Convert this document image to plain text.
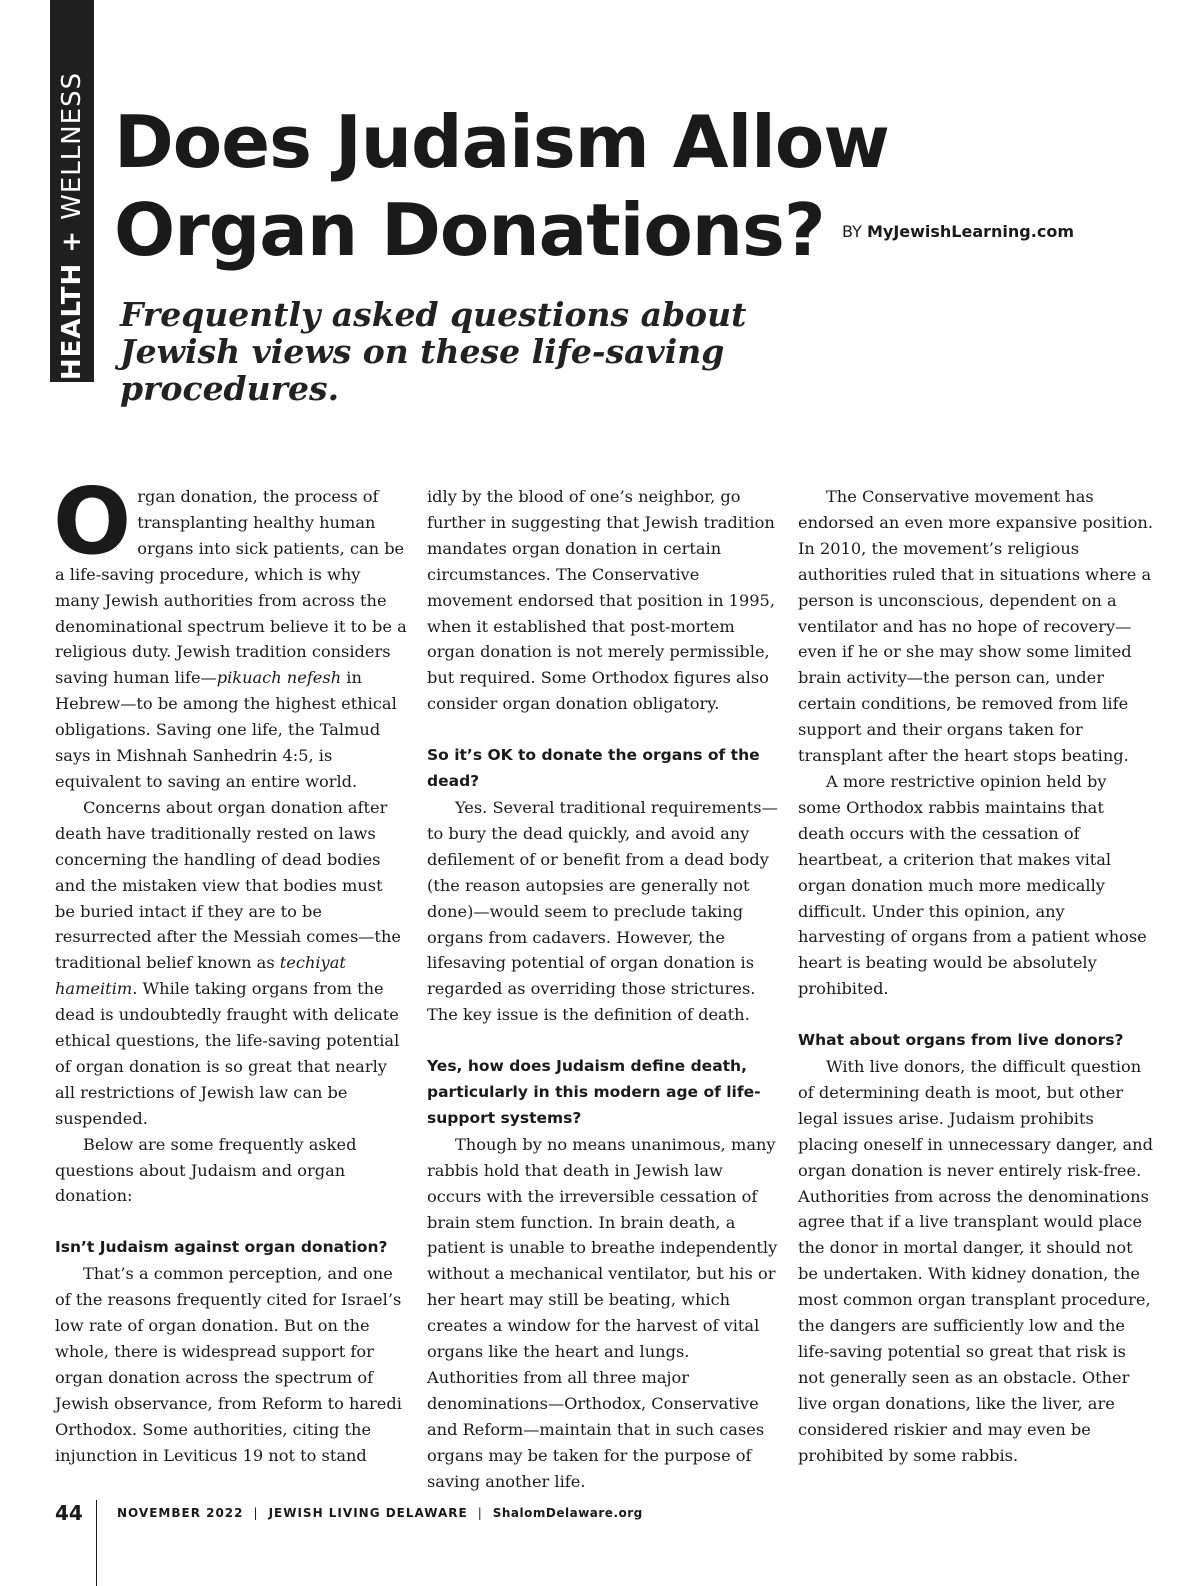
HEALTH + WELLNESS Does Judaism Allow
Organ Donations?	BY MyJewishLearning.com

Frequently asked questions about Jewish views on these life-saving procedures.

Organ donation, the process of transplanting healthy human organs into sick patients, can be a life-saving procedure, which is why many Jewish authorities from across the denominational spectrum believe it to be a religious duty. Jewish tradition considers saving human life—pikuach nefesh in Hebrew—to be among the highest ethical obligations. Saving one life, the Talmud says in Mishnah Sanhedrin 4:5, is equivalent to saving an entire world.

Concerns about organ donation after death have traditionally rested on laws concerning the handling of dead bodies and the mistaken view that bodies must be buried intact if they are to be resurrected after the Messiah comes—the traditional belief known as techiyat hameitim. While taking organs from the dead is undoubtedly fraught with delicate ethical questions, the life-saving potential of organ donation is so great that nearly all restrictions of Jewish law can be suspended.

Below are some frequently asked questions about Judaism and organ donation:

Isn’t Judaism against organ donation?

That’s a common perception, and one of the reasons frequently cited for Israel’s low rate of organ donation. But on the whole, there is widespread support for organ donation across the spectrum of Jewish observance, from Reform to haredi Orthodox. Some authorities, citing the injunction in Leviticus 19 not to stand

idly by the blood of one’s neighbor, go further in suggesting that Jewish tradition mandates organ donation in certain circumstances. The Conservative movement endorsed that position in 1995, when it established that post-mortem organ donation is not merely permissible, but required. Some Orthodox figures also consider organ donation obligatory.

So it’s OK to donate the organs of the dead?

Yes. Several traditional requirements—to bury the dead quickly, and avoid any defilement of or benefit from a dead body (the reason autopsies are generally not done)—would seem to preclude taking organs from cadavers. However, the lifesaving potential of organ donation is regarded as overriding those strictures. The key issue is the definition of death.

Yes, how does Judaism define death, particularly in this modern age of life-support systems?

Though by no means unanimous, many rabbis hold that death in Jewish law occurs with the irreversible cessation of brain stem function. In brain death, a patient is unable to breathe independently without a mechanical ventilator, but his or her heart may still be beating, which creates a window for the harvest of vital organs like the heart and lungs. Authorities from all three major denominations—Orthodox, Conservative and Reform—maintain that in such cases organs may be taken for the purpose of saving another life.

The Conservative movement has endorsed an even more expansive position. In 2010, the movement’s religious authorities ruled that in situations where a person is unconscious, dependent on a ventilator and has no hope of recovery—even if he or she may show some limited brain activity—the person can, under certain conditions, be removed from life support and their organs taken for transplant after the heart stops beating.

A more restrictive opinion held by some Orthodox rabbis maintains that death occurs with the cessation of heartbeat, a criterion that makes vital organ donation much more medically difficult. Under this opinion, any harvesting of organs from a patient whose heart is beating would be absolutely prohibited.

What about organs from live donors?

With live donors, the difficult question of determining death is moot, but other legal issues arise. Judaism prohibits placing oneself in unnecessary danger, and organ donation is never entirely risk-free. Authorities from across the denominations agree that if a live transplant would place the donor in mortal danger, it should not be undertaken. With kidney donation, the most common organ transplant procedure, the dangers are sufficiently low and the life-saving potential so great that risk is not generally seen as an obstacle. Other live organ donations, like the liver, are considered riskier and may even be prohibited by some rabbis.

44	NOVEMBER 2022 | JEWISH LIVING DELAWARE | ShalomDelaware.org
